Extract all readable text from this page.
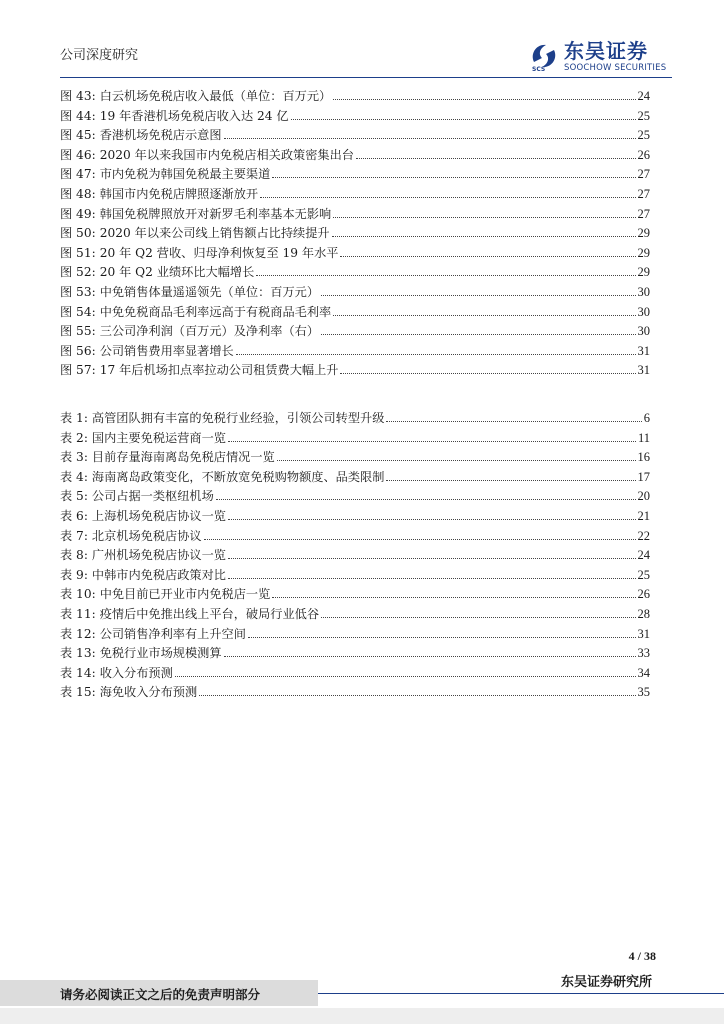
公司深度研究
SCS
东吴证券
SOOCHOW SECURITIES
图 43: 白云机场免税店收入最低（单位：百万元）	24
图 44: 19 年香港机场免税店收入达 24 亿	25
图 45: 香港机场免税店示意图	25
图 46: 2020 年以来我国市内免税店相关政策密集出台	26
图 47: 市内免税为韩国免税最主要渠道	27
图 48: 韩国市内免税店牌照逐渐放开	27
图 49: 韩国免税牌照放开对新罗毛利率基本无影响	27
图 50: 2020 年以来公司线上销售额占比持续提升	29
图 51: 20 年 Q2 营收、归母净利恢复至 19 年水平	29
图 52: 20 年 Q2 业绩环比大幅增长	29
图 53: 中免销售体量遥遥领先（单位：百万元）	30
图 54: 中免免税商品毛利率远高于有税商品毛利率	30
图 55: 三公司净利润（百万元）及净利率（右）	30
图 56: 公司销售费用率显著增长	31
图 57: 17 年后机场扣点率拉动公司租赁费大幅上升	31
表 1: 高管团队拥有丰富的免税行业经验，引领公司转型升级	6
表 2: 国内主要免税运营商一览	11
表 3: 目前存量海南离岛免税店情况一览	16
表 4: 海南离岛政策变化，不断放宽免税购物额度、品类限制	17
表 5: 公司占据一类枢纽机场	20
表 6: 上海机场免税店协议一览	21
表 7: 北京机场免税店协议	22
表 8: 广州机场免税店协议一览	24
表 9: 中韩市内免税店政策对比	25
表 10: 中免目前已开业市内免税店一览	26
表 11: 疫情后中免推出线上平台，破局行业低谷	28
表 12: 公司销售净利率有上升空间	31
表 13: 免税行业市场规模测算	33
表 14: 收入分布预测	34
表 15: 海免收入分布预测	35
4 / 38
请务必阅读正文之后的免责声明部分
东吴证券研究所
